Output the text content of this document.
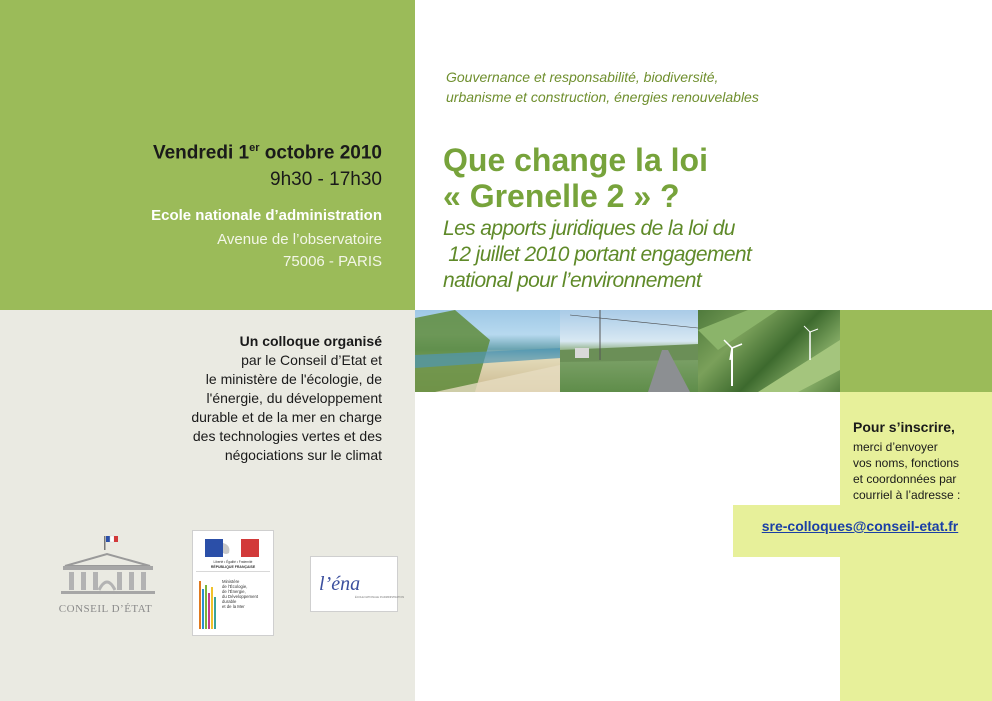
Vendredi 1er octobre 2010
9h30 - 17h30
Ecole nationale d’administration
Avenue de l’observatoire
75006 - PARIS
Gouvernance et responsabilité, biodiversité,
urbanisme et construction, énergies renouvelables
Que change la loi
« Grenelle 2 » ?
Les apports juridiques de la loi du
12 juillet 2010 portant engagement
national pour l’environnement
Un colloque organisé
par le Conseil d’Etat et
le ministère de l'écologie, de
l'énergie, du développement
durable et de la mer en charge
des technologies vertes et des
négociations sur le climat
Pour s’inscrire,
merci d’envoyer
vos noms, fonctions
et coordonnées par
courriel à l’adresse :
sre-colloques@conseil-etat.fr
CONSEIL D’ÉTAT
Liberté • Égalité • Fraternité
RÉPUBLIQUE FRANÇAISE
Ministère
de l'Écologie,
de l'Énergie,
du Développement
durable
et de la Mer
l’éna
ÉCOLE NATIONALE D'ADMINISTRATION
